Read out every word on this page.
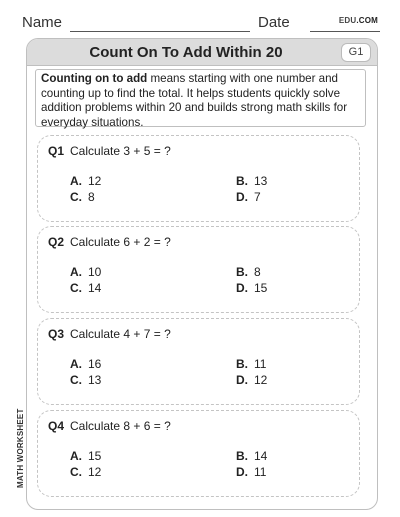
Name	Date	EDU.COM
Count On To Add Within 20	G1
Counting on to add means starting with one number and counting up to find the total. It helps students quickly solve addition problems within 20 and builds strong math skills for everyday situations.
Q1 Calculate 3 + 5 = ?
A. 12	B. 13
C. 8	D. 7
Q2 Calculate 6 + 2 = ?
A. 10	B. 8
C. 14	D. 15
Q3 Calculate 4 + 7 = ?
A. 16	B. 11
C. 13	D. 12
Q4 Calculate 8 + 6 = ?
A. 15	B. 14
C. 12	D. 11
MATH WORKSHEET
